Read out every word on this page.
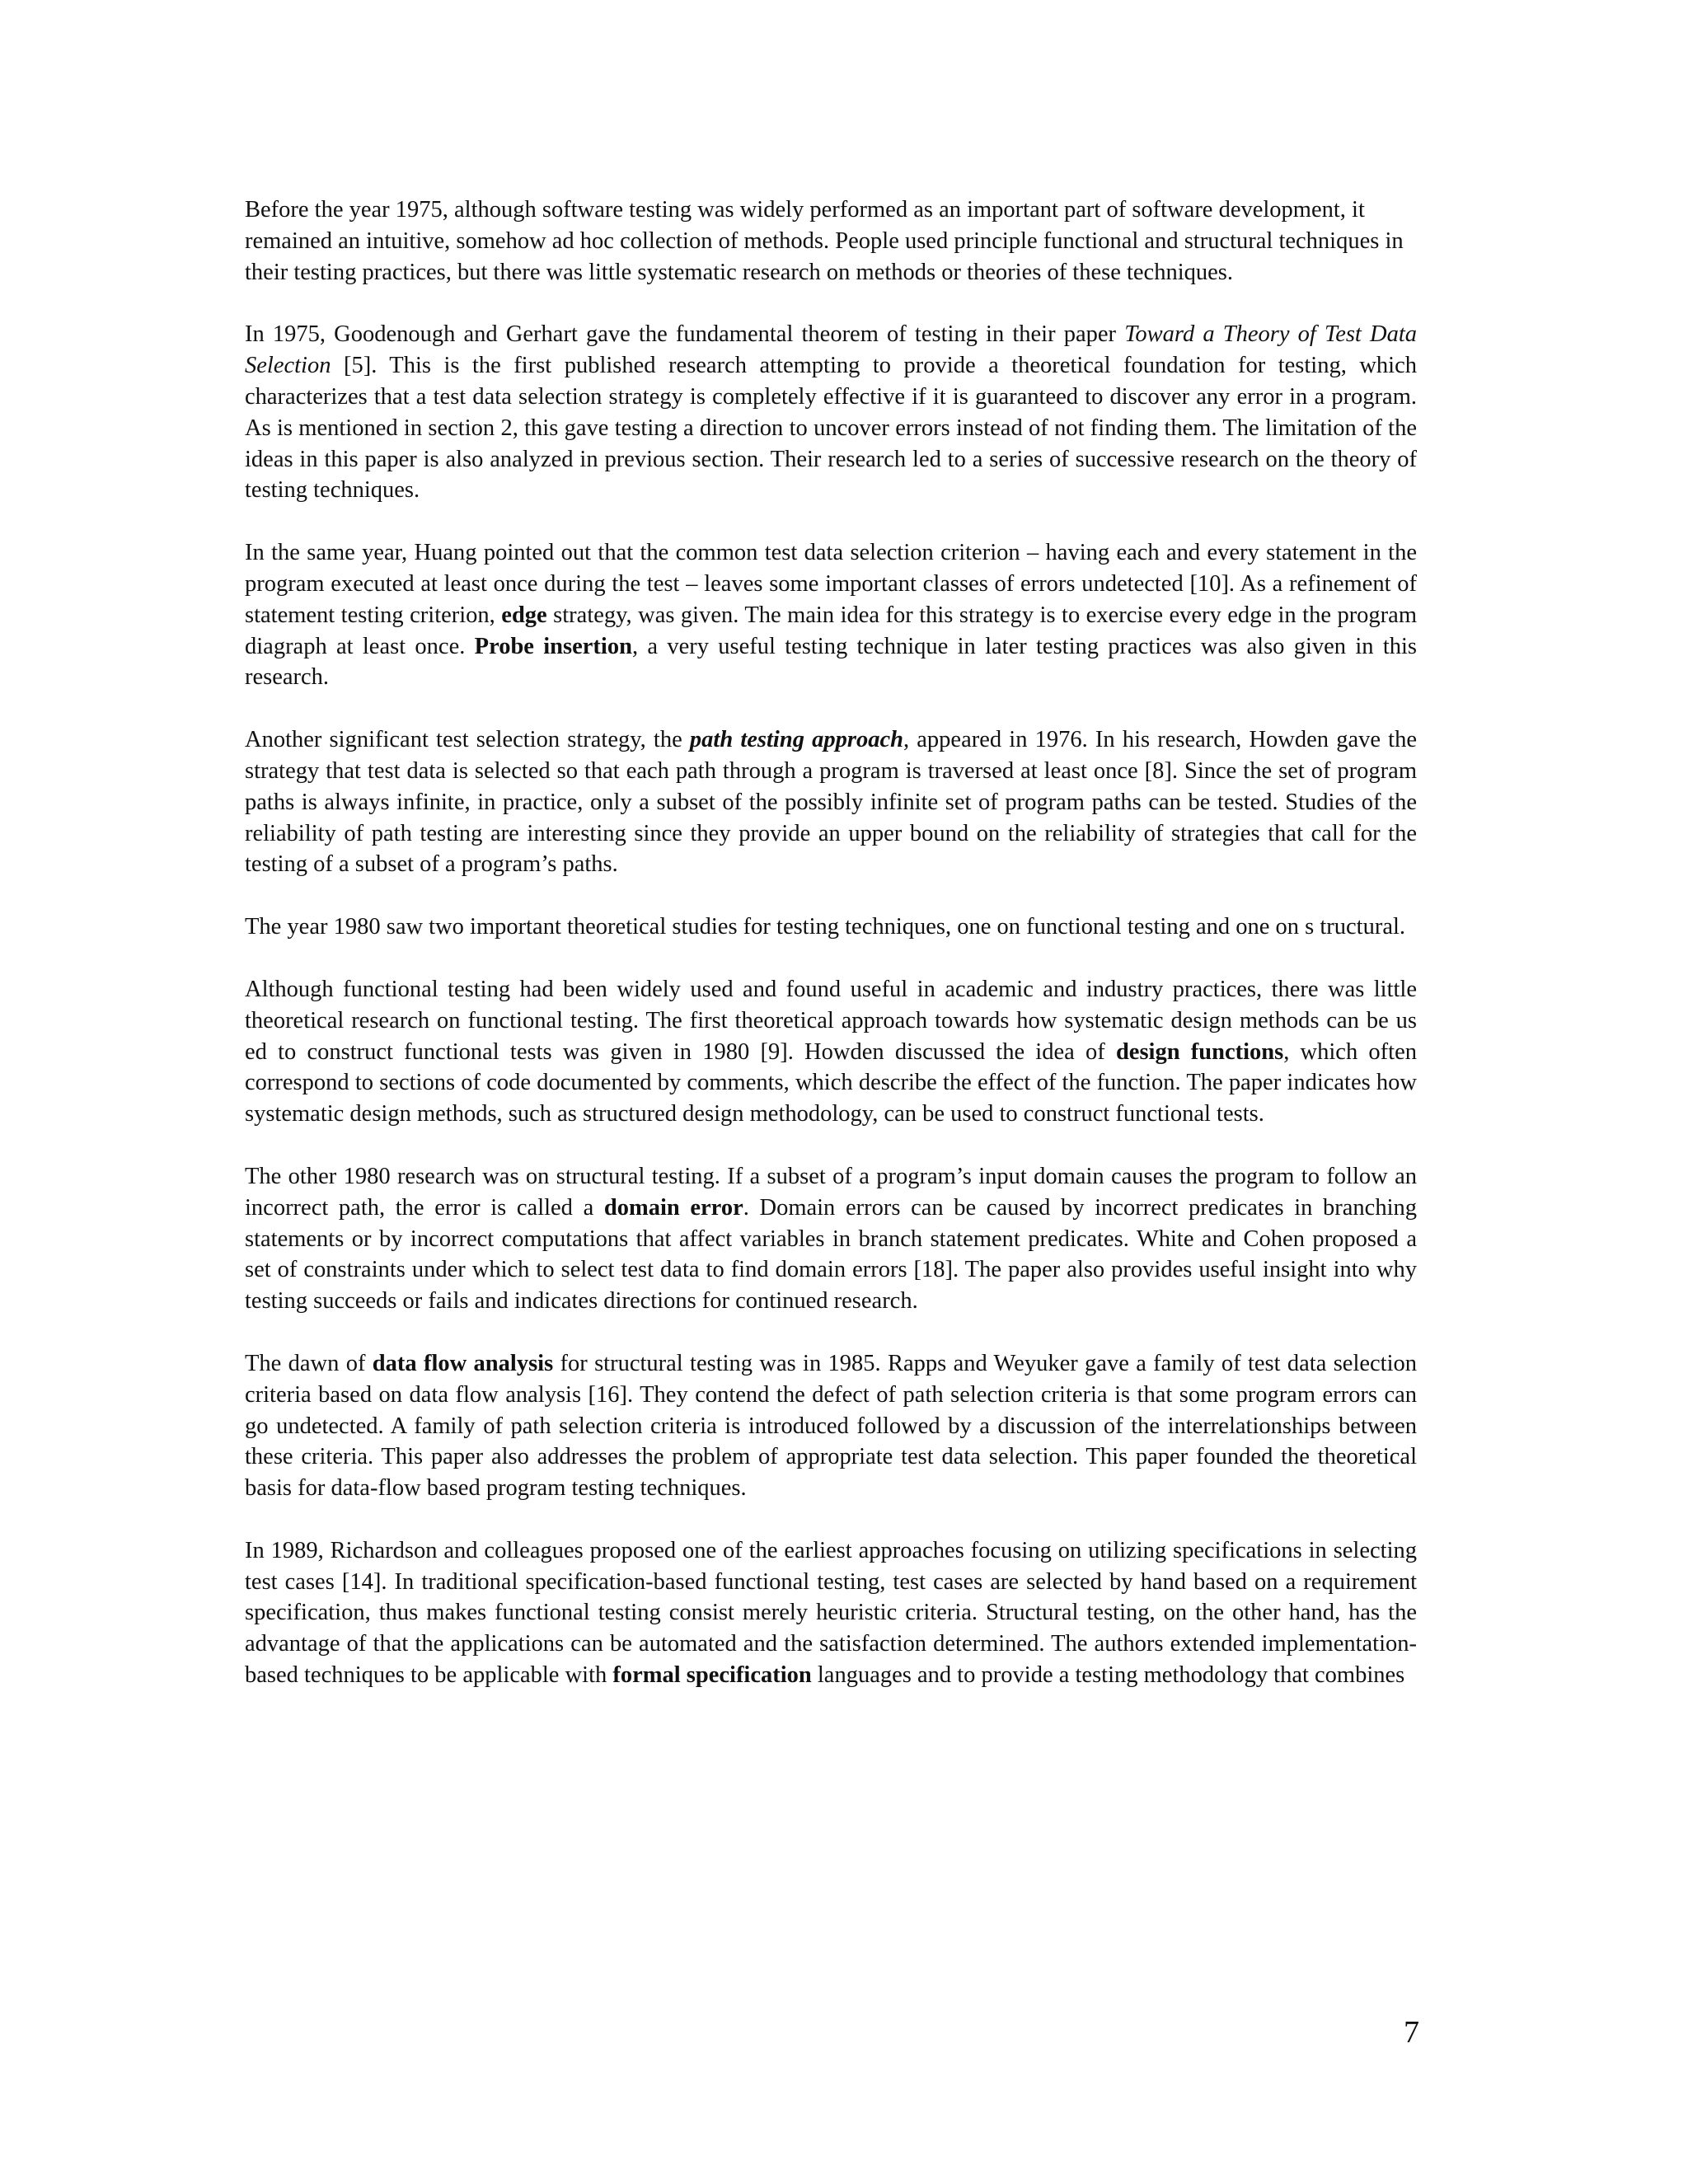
Before the year 1975, although software testing was widely performed as an important part of software development, it remained an intuitive, somehow ad hoc collection of methods. People used principle functional and structural techniques in their testing practices, but there was little systematic research on methods or theories of these techniques.

In 1975, Goodenough and Gerhart gave the fundamental theorem of testing in their paper Toward a Theory of Test Data Selection [5]. This is the first published research attempting to provide a theoretical foundation for testing, which characterizes that a test data selection strategy is completely effective if it is guaranteed to discover any error in a program. As is mentioned in section 2, this gave testing a direction to uncover errors instead of not finding them. The limitation of the ideas in this paper is also analyzed in previous section. Their research led to a series of successive research on the theory of testing techniques.

In the same year, Huang pointed out that the common test data selection criterion – having each and every statement in the program executed at least once during the test – leaves some important classes of errors undetected [10]. As a refinement of statement testing criterion, edge strategy, was given. The main idea for this strategy is to exercise every edge in the program diagraph at least once. Probe insertion, a very useful testing technique in later testing practices was also given in this research.

Another significant test selection strategy, the path testing approach, appeared in 1976. In his research, Howden gave the strategy that test data is selected so that each path through a program is traversed at least once [8]. Since the set of program paths is always infinite, in practice, only a subset of the possibly infinite set of program paths can be tested. Studies of the reliability of path testing are interesting since they provide an upper bound on the reliability of strategies that call for the testing of a subset of a program’s paths.

The year 1980 saw two important theoretical studies for testing techniques, one on functional testing and one on s tructural.

Although functional testing had been widely used and found useful in academic and industry practices, there was little theoretical research on functional testing. The first theoretical approach towards how systematic design methods can be us ed to construct functional tests was given in 1980 [9]. Howden discussed the idea of design functions, which often correspond to sections of code documented by comments, which describe the effect of the function. The paper indicates how systematic design methods, such as structured design methodology, can be used to construct functional tests.

The other 1980 research was on structural testing. If a subset of a program’s input domain causes the program to follow an incorrect path, the error is called a domain error. Domain errors can be caused by incorrect predicates in branching statements or by incorrect computations that affect variables in branch statement predicates. White and Cohen proposed a set of constraints under which to select test data to find domain errors [18]. The paper also provides useful insight into why testing succeeds or fails and indicates directions for continued research.

The dawn of data flow analysis for structural testing was in 1985. Rapps and Weyuker gave a family of test data selection criteria based on data flow analysis [16]. They contend the defect of path selection criteria is that some program errors can go undetected. A family of path selection criteria is introduced followed by a discussion of the interrelationships between these criteria. This paper also addresses the problem of appropriate test data selection. This paper founded the theoretical basis for data-flow based program testing techniques.

In 1989, Richardson and colleagues proposed one of the earliest approaches focusing on utilizing specifications in selecting test cases [14]. In traditional specification-based functional testing, test cases are selected by hand based on a requirement specification, thus makes functional testing consist merely heuristic criteria. Structural testing, on the other hand, has the advantage of that the applications can be automated and the satisfaction determined. The authors extended implementation-based techniques to be applicable with formal specification languages and to provide a testing methodology that combines

7
